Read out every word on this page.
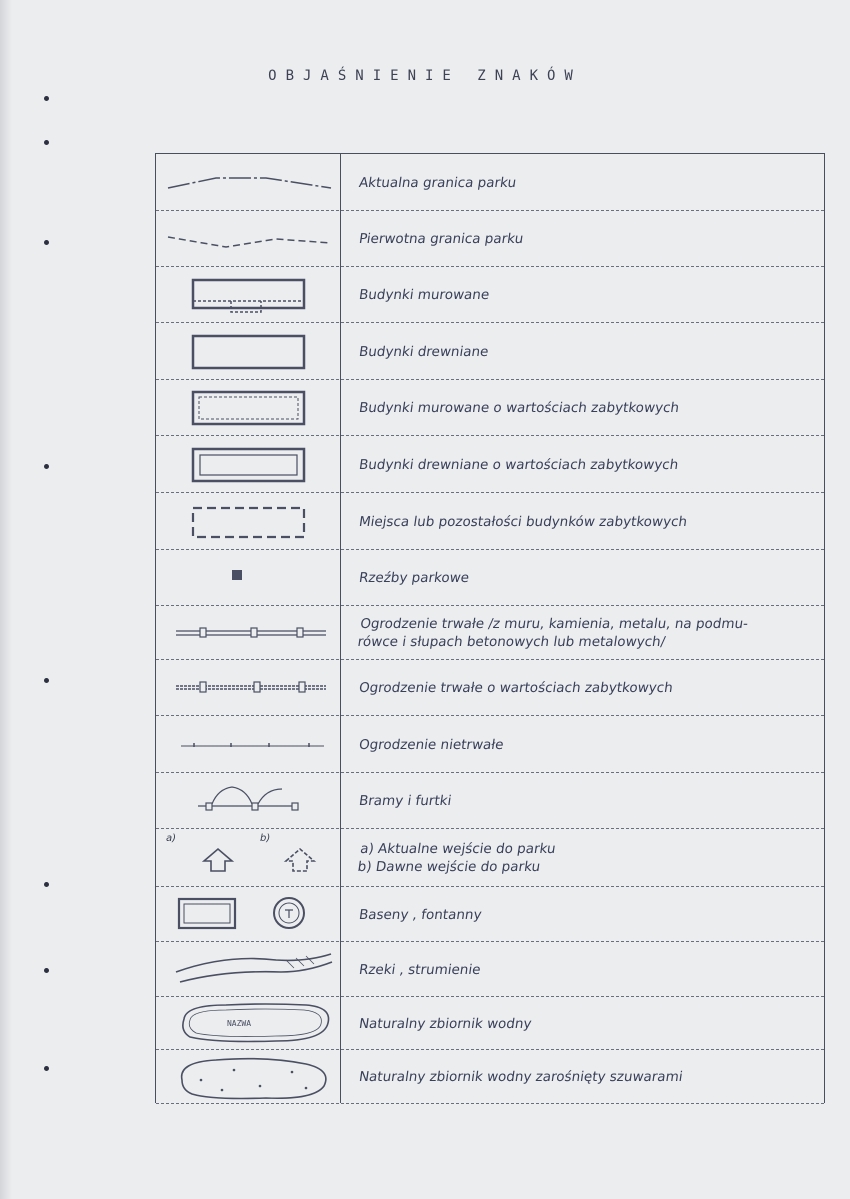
OBJAŚNIENIE ZNAKÓW
Aktualna granica parku
Pierwotna granica parku
Budynki murowane
Budynki drewniane
Budynki murowane o wartościach zabytkowych
Budynki drewniane o wartościach zabytkowych
Miejsca lub pozostałości budynków zabytkowych
Rzeźby parkowe
Ogrodzenie trwałe /z muru, kamienia, metalu, na podmu-
rówce i słupach betonowych lub metalowych/
Ogrodzenie trwałe o wartościach zabytkowych
Ogrodzenie nietrwałe
Bramy i furtki
a)	b)
a) Aktualne wejście do parku
b) Dawne wejście do parku
Baseny , fontanny
Rzeki , strumienie
NAZWA	Naturalny zbiornik wodny
Naturalny zbiornik wodny zarośnięty szuwarami
